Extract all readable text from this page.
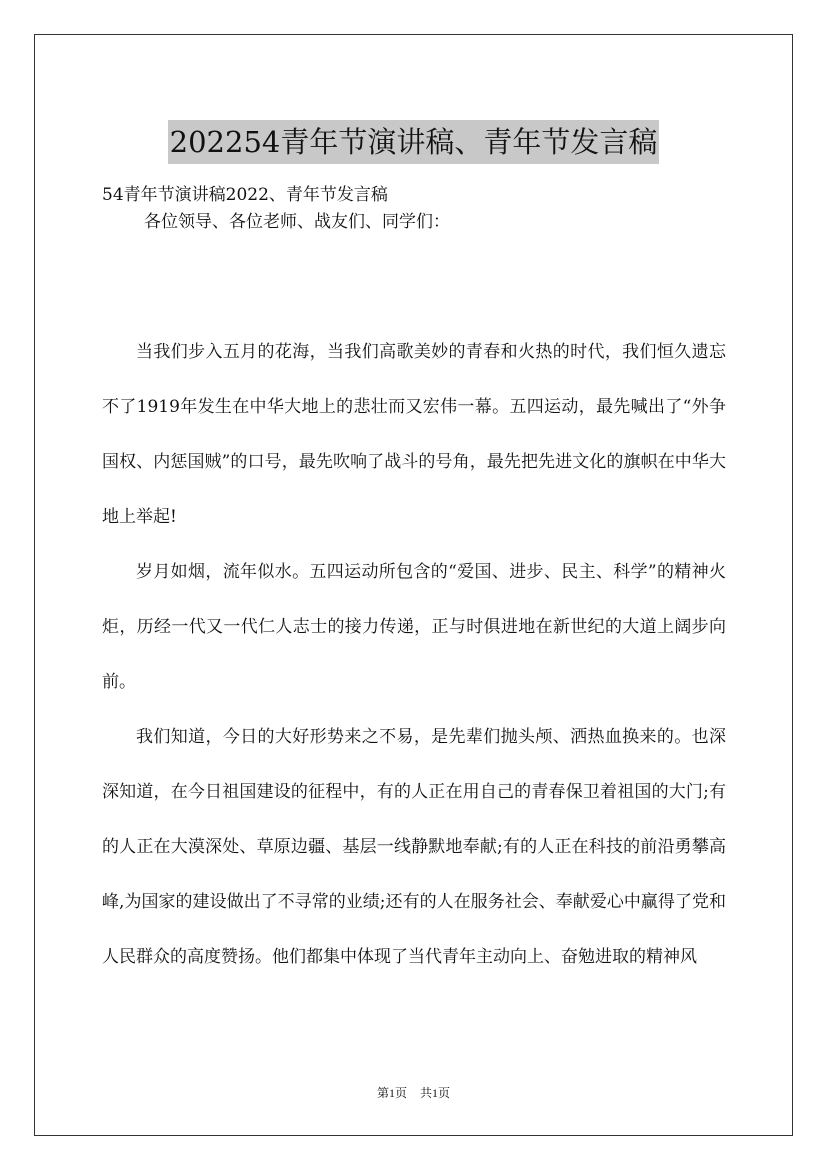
202254青年节演讲稿、青年节发言稿
54青年节演讲稿2022、青年节发言稿
各位领导、各位老师、战友们、同学们：

当我们步入五月的花海，当我们高歌美妙的青春和火热的时代，我们恒久遗忘不了1919年发生在中华大地上的悲壮而又宏伟一幕。五四运动，最先喊出了“外争国权、内惩国贼”的口号，最先吹响了战斗的号角，最先把先进文化的旗帜在中华大地上举起!

岁月如烟，流年似水。五四运动所包含的“爱国、进步、民主、科学”的精神火炬，历经一代又一代仁人志士的接力传递，正与时俱进地在新世纪的大道上阔步向前。

我们知道，今日的大好形势来之不易，是先辈们抛头颅、洒热血换来的。也深深知道，在今日祖国建设的征程中，有的人正在用自己的青春保卫着祖国的大门;有的人正在大漠深处、草原边疆、基层一线静默地奉献;有的人正在科技的前沿勇攀高峰,为国家的建设做出了不寻常的业绩;还有的人在服务社会、奉献爱心中赢得了党和人民群众的高度赞扬。他们都集中体现了当代青年主动向上、奋勉进取的精神风

第1页 共1页
